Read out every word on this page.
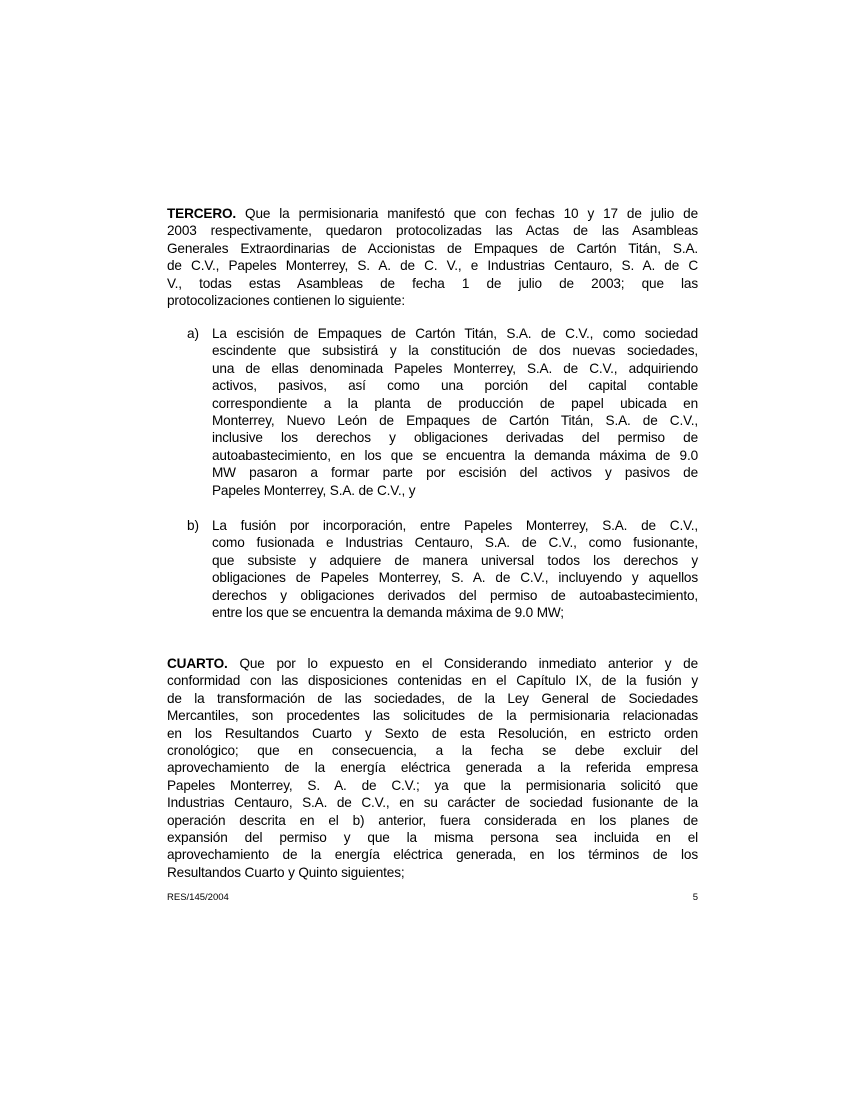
TERCERO. Que la permisionaria manifestó que con fechas 10 y 17 de julio de
2003 respectivamente, quedaron protocolizadas las Actas de las Asambleas
Generales Extraordinarias de Accionistas de Empaques de Cartón Titán, S.A.
de C.V., Papeles Monterrey, S. A. de C. V., e Industrias Centauro, S. A. de C
V., todas estas Asambleas de fecha 1 de julio de 2003; que las
protocolizaciones contienen lo siguiente:
a) La escisión de Empaques de Cartón Titán, S.A. de C.V., como sociedad
escindente que subsistirá y la constitución de dos nuevas sociedades,
una de ellas denominada Papeles Monterrey, S.A. de C.V., adquiriendo
activos, pasivos, así como una porción del capital contable
correspondiente a la planta de producción de papel ubicada en
Monterrey, Nuevo León de Empaques de Cartón Titán, S.A. de C.V.,
inclusive los derechos y obligaciones derivadas del permiso de
autoabastecimiento, en los que se encuentra la demanda máxima de 9.0
MW pasaron a formar parte por escisión del activos y pasivos de
Papeles Monterrey, S.A. de C.V., y
b) La fusión por incorporación, entre Papeles Monterrey, S.A. de C.V.,
como fusionada e Industrias Centauro, S.A. de C.V., como fusionante,
que subsiste y adquiere de manera universal todos los derechos y
obligaciones de Papeles Monterrey, S. A. de C.V., incluyendo y aquellos
derechos y obligaciones derivados del permiso de autoabastecimiento,
entre los que se encuentra la demanda máxima de 9.0 MW;
CUARTO. Que por lo expuesto en el Considerando inmediato anterior y de
conformidad con las disposiciones contenidas en el Capítulo IX, de la fusión y
de la transformación de las sociedades, de la Ley General de Sociedades
Mercantiles, son procedentes las solicitudes de la permisionaria relacionadas
en los Resultandos Cuarto y Sexto de esta Resolución, en estricto orden
cronológico; que en consecuencia, a la fecha se debe excluir del
aprovechamiento de la energía eléctrica generada a la referida empresa
Papeles Monterrey, S. A. de C.V.; ya que la permisionaria solicitó que
Industrias Centauro, S.A. de C.V., en su carácter de sociedad fusionante de la
operación descrita en el b) anterior, fuera considerada en los planes de
expansión del permiso y que la misma persona sea incluida en el
aprovechamiento de la energía eléctrica generada, en los términos de los
Resultandos Cuarto y Quinto siguientes;
RES/145/2004	5
